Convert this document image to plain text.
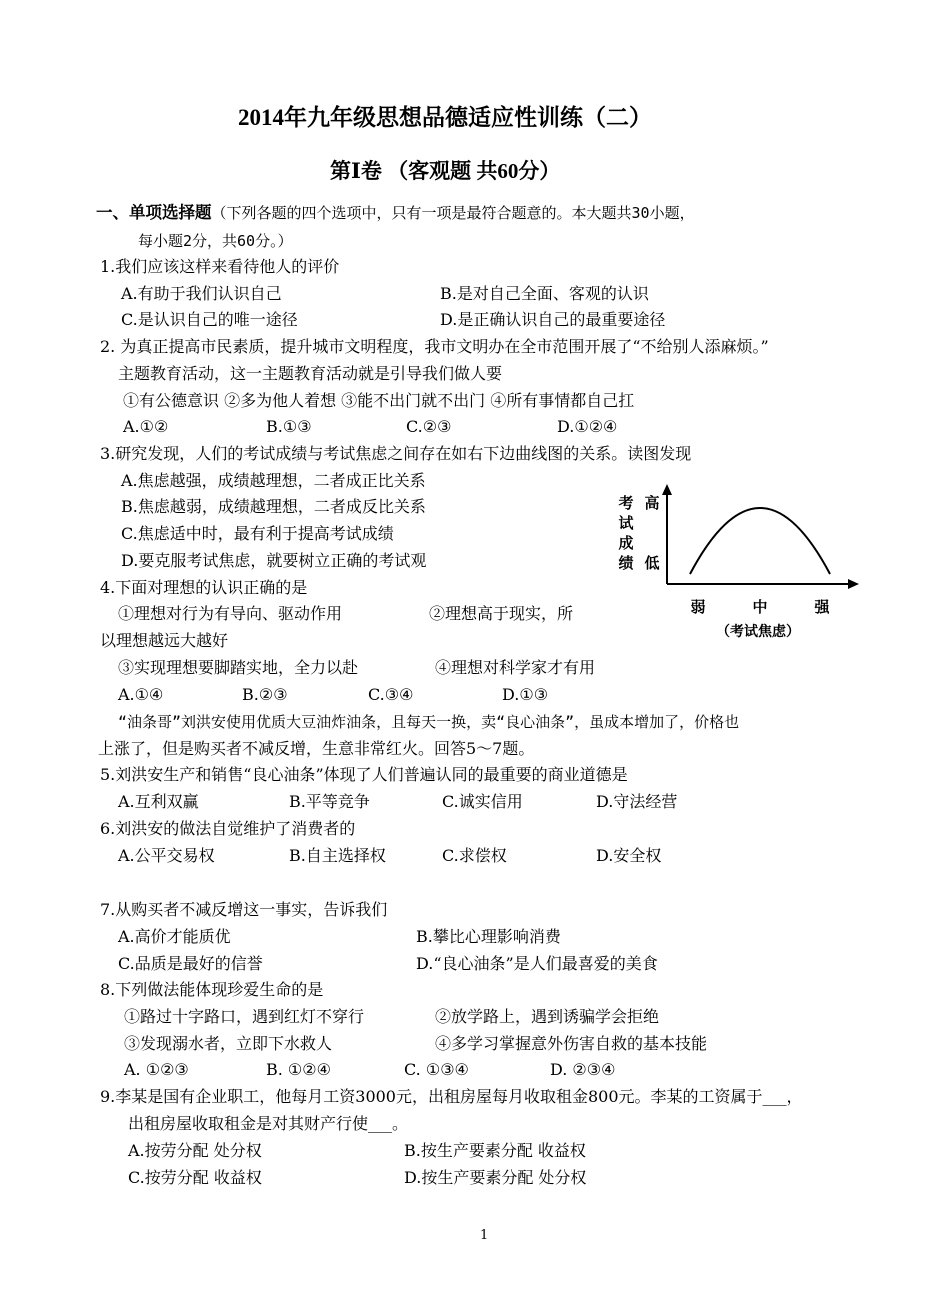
2014年九年级思想品德适应性训练（二）
第Ⅰ卷 （客观题 共60分）
一、单项选择题（下列各题的四个选项中，只有一项是最符合题意的。本大题共30小题，
每小题2分，共60分。）
1.我们应该这样来看待他人的评价
A.有助于我们认识自己	B.是对自己全面、客观的认识
C.是认识自己的唯一途径	D.是正确认识自己的最重要途径
2. 为真正提高市民素质，提升城市文明程度，我市文明办在全市范围开展了“不给别人添麻烦。”
主题教育活动，这一主题教育活动就是引导我们做人要
①有公德意识 ②多为他人着想 ③能不出门就不出门 ④所有事情都自己扛
A.①②	B.①③	C.②③	D.①②④
3.研究发现，人们的考试成绩与考试焦虑之间存在如右下边曲线图的关系。读图发现
A.焦虑越强，成绩越理想，二者成正比关系
B.焦虑越弱，成绩越理想，二者成反比关系
C.焦虑适中时，最有利于提高考试成绩
D.要克服考试焦虑，就要树立正确的考试观
考
试
成
绩
高
低
弱	中	强
（考试焦虑）
4.下面对理想的认识正确的是
①理想对行为有导向、驱动作用	②理想高于现实，所
以理想越远大越好
③实现理想要脚踏实地，全力以赴	④理想对科学家才有用
A.①④	B.②③	C.③④	D.①③
“油条哥”刘洪安使用优质大豆油炸油条，且每天一换，卖“良心油条”，虽成本增加了，价格也
上涨了，但是购买者不减反增，生意非常红火。回答5～7题。
5.刘洪安生产和销售“良心油条”体现了人们普遍认同的最重要的商业道德是
A.互利双赢	B.平等竞争	C.诚实信用	D.守法经营
6.刘洪安的做法自觉维护了消费者的
A.公平交易权	B.自主选择权	C.求偿权	D.安全权
7.从购买者不减反增这一事实，告诉我们
A.高价才能质优	B.攀比心理影响消费
C.品质是最好的信誉	D.“良心油条”是人们最喜爱的美食
8.下列做法能体现珍爱生命的是
①路过十字路口，遇到红灯不穿行	②放学路上，遇到诱骗学会拒绝
③发现溺水者，立即下水救人	④多学习掌握意外伤害自救的基本技能
A. ①②③	B. ①②④	C. ①③④	D. ②③④
9.李某是国有企业职工，他每月工资3000元，出租房屋每月收取租金800元。李某的工资属于___，
出租房屋收取租金是对其财产行使___。
A.按劳分配 处分权	B.按生产要素分配 收益权
C.按劳分配 收益权	D.按生产要素分配 处分权
1
